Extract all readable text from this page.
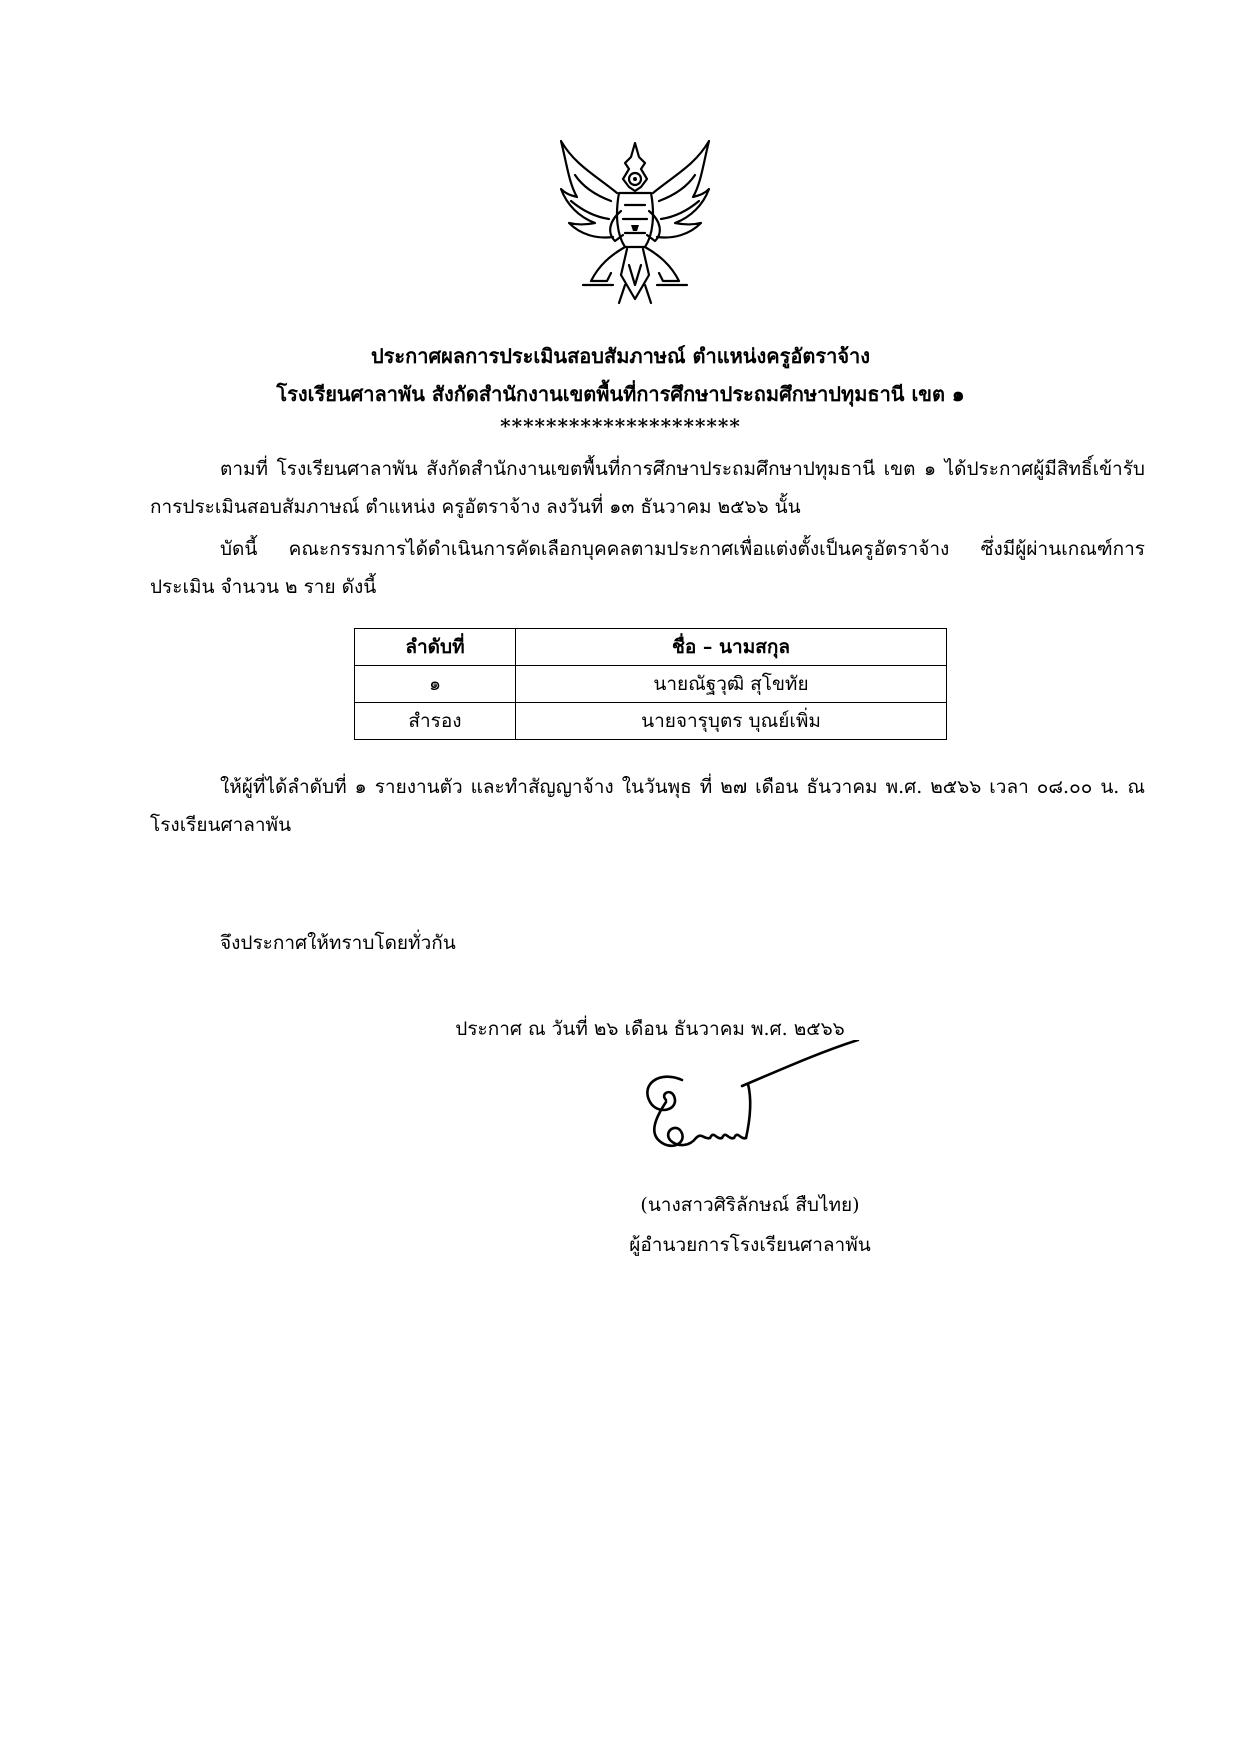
ประกาศผลการประเมินสอบสัมภาษณ์ ตำแหน่งครูอัตราจ้าง
โรงเรียนศาลาพัน สังกัดสำนักงานเขตพื้นที่การศึกษาประถมศึกษาปทุมธานี เขต ๑
*********************
ตามที่ โรงเรียนศาลาพัน สังกัดสำนักงานเขตพื้นที่การศึกษาประถมศึกษาปทุมธานี เขต ๑ ได้ประกาศผู้มีสิทธิ์เข้ารับการประเมินสอบสัมภาษณ์ ตำแหน่ง ครูอัตราจ้าง ลงวันที่ ๑๓ ธันวาคม ๒๕๖๖ นั้น
บัดนี้ คณะกรรมการได้ดำเนินการคัดเลือกบุคคลตามประกาศเพื่อแต่งตั้งเป็นครูอัตราจ้าง ซึ่งมีผู้ผ่านเกณฑ์การประเมิน จำนวน ๒ ราย ดังนี้
ลำดับที่	ชื่อ – นามสกุล
๑	นายณัฐวุฒิ สุโขทัย
สำรอง	นายจารุบุตร บุณย์เพิ่ม
ให้ผู้ที่ได้ลำดับที่ ๑ รายงานตัว และทำสัญญาจ้าง ในวันพุธ ที่ ๒๗ เดือน ธันวาคม พ.ศ. ๒๕๖๖ เวลา ๐๘.๐๐ น. ณ โรงเรียนศาลาพัน
จึงประกาศให้ทราบโดยทั่วกัน
ประกาศ ณ วันที่ ๒๖ เดือน ธันวาคม พ.ศ. ๒๕๖๖
(นางสาวศิริลักษณ์ สืบไทย)
ผู้อำนวยการโรงเรียนศาลาพัน
